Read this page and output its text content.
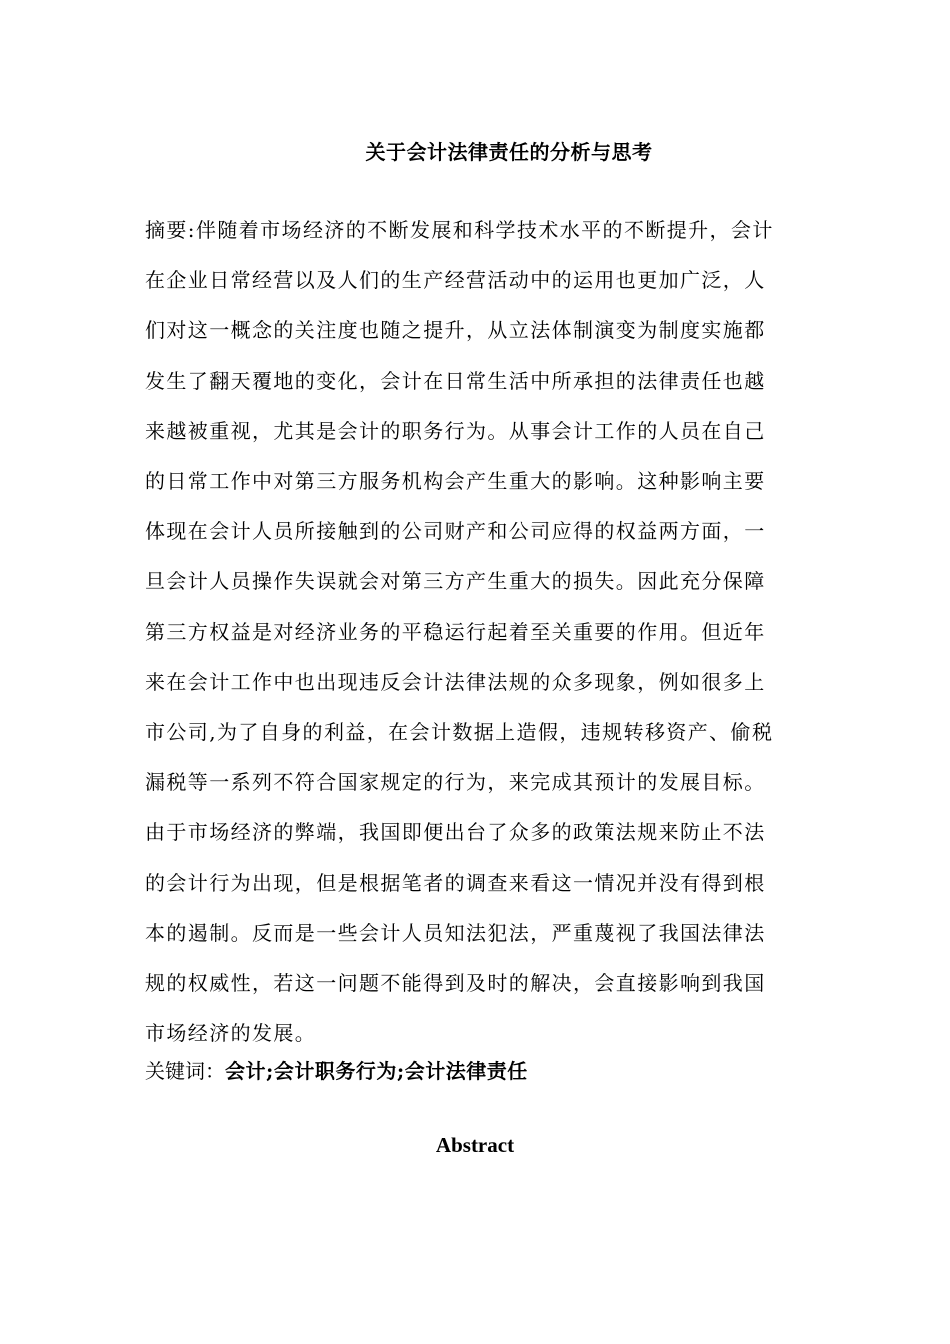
关于会计法律责任的分析与思考
摘要:伴随着市场经济的不断发展和科学技术水平的不断提升，会计
在企业日常经营以及人们的生产经营活动中的运用也更加广泛，人
们对这一概念的关注度也随之提升，从立法体制演变为制度实施都
发生了翻天覆地的变化，会计在日常生活中所承担的法律责任也越
来越被重视，尤其是会计的职务行为。从事会计工作的人员在自己
的日常工作中对第三方服务机构会产生重大的影响。这种影响主要
体现在会计人员所接触到的公司财产和公司应得的权益两方面，一
旦会计人员操作失误就会对第三方产生重大的损失。因此充分保障
第三方权益是对经济业务的平稳运行起着至关重要的作用。但近年
来在会计工作中也出现违反会计法律法规的众多现象，例如很多上
市公司,为了自身的利益，在会计数据上造假，违规转移资产、偷税
漏税等一系列不符合国家规定的行为，来完成其预计的发展目标。
由于市场经济的弊端，我国即便出台了众多的政策法规来防止不法
的会计行为出现，但是根据笔者的调查来看这一情况并没有得到根
本的遏制。反而是一些会计人员知法犯法，严重蔑视了我国法律法
规的权威性，若这一问题不能得到及时的解决，会直接影响到我国
市场经济的发展。
关键词：会计;会计职务行为;会计法律责任
Abstract
